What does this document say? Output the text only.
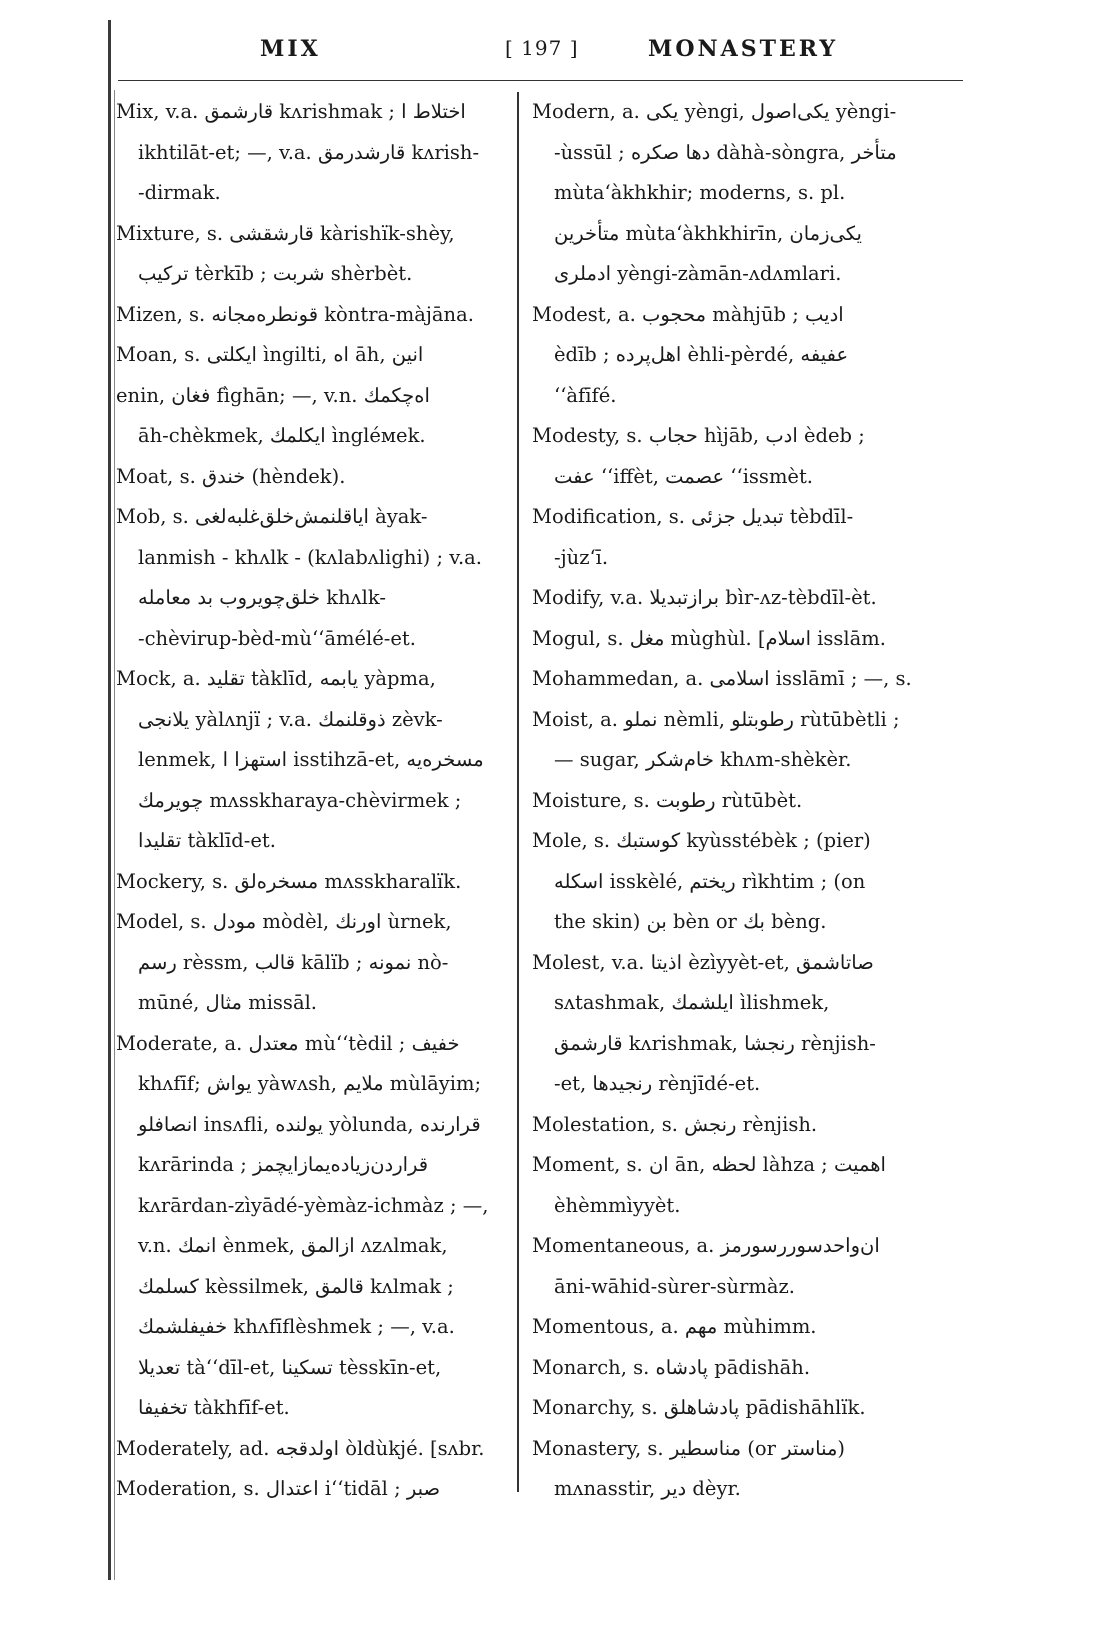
MIX	[ 197 ]	MONASTERY
Mix, v.a. قارشمق kʌrishmak ; اختلاط ا
ikhtilāt-et; —, v.a. قارشدرمق kʌrish-
-dirmak.
Mixture, s. قارشقشى kàrishïk-shèy,
تركيب tèrkīb ; شربت shèrbèt.
Mizen, s. قونطره‌مجانه kòntra-màjāna.
Moan, s. ايكلتى ìngilti, اه āh, انين
enin, فغان fìghān; —, v.n. اه‌چكمك
āh-chèkmek, ايكلمك ìngléмek.
Moat, s. خندق (hèndek).
Mob, s. اياقلنمش‌خلق‌غلبه‌لغى àyak-
lanmish - khʌlk - (kʌlabʌlighi) ; v.a.
خلق‌چويروب بد معامله khʌlk-
-chèvirup-bèd-mù‘‘āmélé-et.
Mock, a. تقليد tàklīd, يابمه yàpma,
يلانجى yàlʌnjï ; v.a. ذوقلنمك zèvk-
lenmek, استهزا ا isstihzā-et, مسخره‌يه
چويرمك mʌsskharaya-chèvirmek ;
تقليدا tàklīd-et.
Mockery, s. مسخره‌لق mʌsskharalïk.
Model, s. مودل mòdèl, اورنك ùrnek,
رسم rèssm, قالب kālïb ; نمونه nò-
mūné, مثال missāl.
Moderate, a. معتدل mù‘‘tèdil ; خفيف
khʌfīf; يواش yàwʌsh, ملايم mùlāyim;
انصافلو insʌfli, يولنده yòlunda, قرارنده
kʌrārinda ; قراردن‌زياده‌يمازايچمز
kʌrārdan-zìyādé-yèmàz-ichmàz ; —,
v.n. انمك ènmek, ازالمق ʌzʌlmak,
كسلمك kèssilmek, قالمق kʌlmak ;
خفيفلشمك khʌfīflèshmek ; —, v.a.
تعديلا tà‘‘dīl-et, تسكينا tèsskīn-et,
تخفيفا tàkhfīf-et.
Moderately, ad. اولدقجه òldùkjé. [sʌbr.
Moderation, s. اعتدال i‘‘tidāl ; صبر
Modern, a. يكى yèngi, يكى‌اصول yèngi-
-ùssūl ; دها صكره dàhà-sòngra, متأخر
mùta‘àkhkhir; moderns, s. pl.
متأخرين mùta‘àkhkhirīn, يكى‌زمان
ادملرى yèngi-zàmān-ʌdʌmlari.
Modest, a. محجوب màhjūb ; اديب
èdīb ; اهل‌پرده èhli-pèrdé, عفيفه
‘‘àfīfé.
Modesty, s. حجاب hìjāb, ادب èdeb ;
عفت ‘‘iffèt, عصمت ‘‘issmèt.
Modification, s. تبديل جزئى tèbdīl-
-jùz‘ī.
Modify, v.a. برازتبديلا bìr-ʌz-tèbdīl-èt.
Mogul, s. مغل mùghùl. [اسلام isslām.
Mohammedan, a. اسلامى isslāmī ; —, s.
Moist, a. نملو nèmli, رطوبتلو rùtūbètli ;
— sugar, خام‌شكر khʌm-shèkèr.
Moisture, s. رطوبت rùtūbèt.
Mole, s. كوستبك kyùsstébèk ; (pier)
اسكله isskèlé, ريختم rìkhtim ; (on
the skin) بن bèn or بك bèng.
Molest, v.a. اذيتا èzìyyèt-et, صاتاشمق
sʌtashmak, ايلشمك ìlishmek,
قارشمق kʌrishmak, رنجشا rènjish-
-et, رنجيدها rènjīdé-et.
Molestation, s. رنجش rènjish.
Moment, s. ان ān, لحظه làhza ; اهميت
èhèmmìyyèt.
Momentaneous, a. ان‌واحدسوررسورمز
āni-wāhid-sùrer-sùrmàz.
Momentous, a. مهم mùhimm.
Monarch, s. پادشاه pādishāh.
Monarchy, s. پادشاهلق pādishāhlïk.
Monastery, s. مناسطير (or مناستر)
mʌnasstir, دير dèyr.
